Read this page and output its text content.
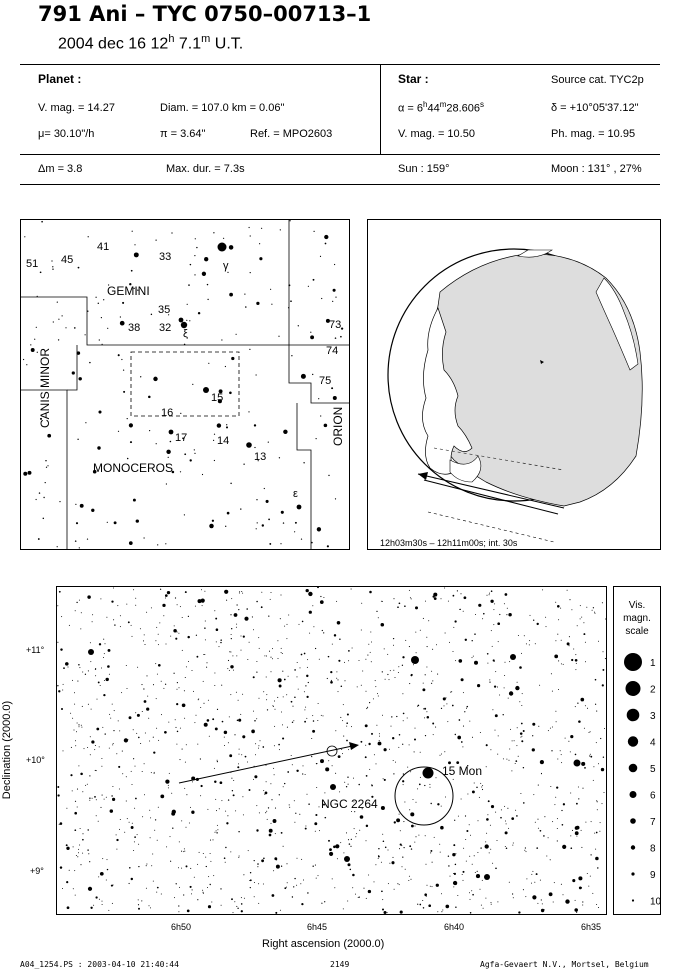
791 Ani – TYC 0750–00713–1
2004 dec 16 12$^h$ 7.1$^m$ U.T.
Planet :
V. mag. = 14.27	Diam. = 107.0 km = 0.06"
μ= 30.10"/h	π = 3.64"	Ref. = MPO2603
Δm = 3.8	Max. dur. = 7.3s
Star :	Source cat. TYC2p
$\alpha = 6^h44^m28.606^s$	δ = +10°05'37.12"
V. mag. = 10.50	Ph. mag. = 10.95
Sun : 159°	Moon : 131° , 27%
GEMINI
CANIS MINOR
MONOCEROS
ORION
51 45
41
33
γ
35
38 32 ξ
73
74
75
15
16
17	14
13
ε
12h03m30s – 12h11m00s; int. 30s
15 Mon
NGC 2264
+11°
+10°
+9°
6h50	6h45	6h40	6h35
Right ascension (2000.0)
Declination (2000.0)
Vis.
magn.
scale
1
2
3
4
5
6
7
8
9
10
A04_1254.PS : 2003-04-10 21:40:44	2149	Agfa-Gevaert N.V., Mortsel, Belgium
